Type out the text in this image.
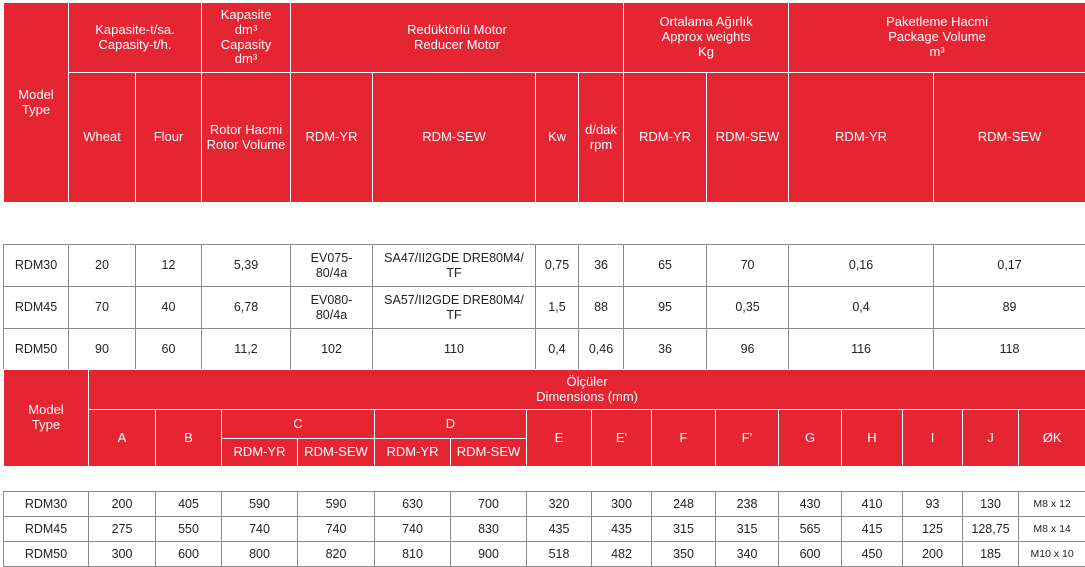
Model
Type	Kapasite-t/sa.
Capasity-t/h.		Kapasite
dm³
Capasity
dm³	Redüktörlü Motor
Reducer Motor				Ortalama Ağırlık
Approx weights
Kg		Paketleme Hacmi
Package Volume
m³	
	Wheat	Flour	Rotor Hacmi
Rotor Volume	RDM-YR	RDM-SEW	Kw	d/dak
rpm	RDM-YR	RDM-SEW	RDM-YR	RDM-SEW

RDM30	20	12	5,39	EV075-
80/4a	SA47/II2GDE DRE80M4/
TF	0,75	36	65	70	0,16	0,17
RDM45	70	40	6,78	EV080-
80/4a	SA57/II2GDE DRE80M4/
TF	1,5	88	95	0,35	0,4	89
RDM50	90	60	11,2	102	110	0,4	0,46	36	96	116	118
Model
Type	Ölçüler
Dimensions (mm)														
	A	B	C		D		E	E'	F	F'	G	H	I	J	ØK
			RDM-YR	RDM-SEW	RDM-YR	RDM-SEW									

RDM30	200	405	590	590	630	700	320	300	248	238	430	410	93	130	M8 x 12
RDM45	275	550	740	740	740	830	435	435	315	315	565	415	125	128,75	M8 x 14
RDM50	300	600	800	820	810	900	518	482	350	340	600	450	200	185	M10 x 10
